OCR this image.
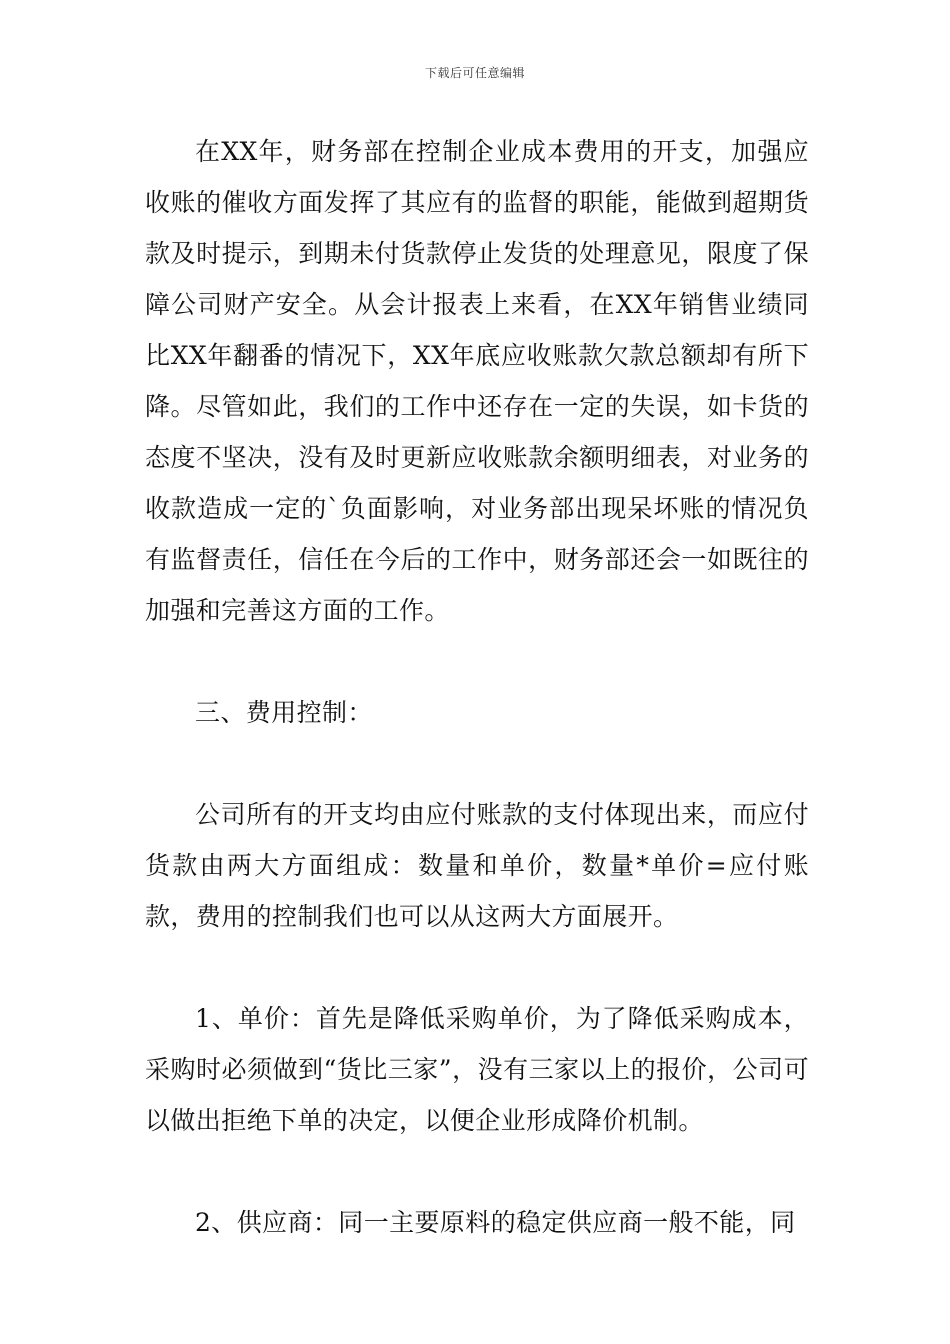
下载后可任意编辑

在XX年，财务部在控制企业成本费用的开支，加强应收账的催收方面发挥了其应有的监督的职能，能做到超期货款及时提示，到期未付货款停止发货的处理意见，限度了保障公司财产安全。从会计报表上来看，在XX年销售业绩同比XX年翻番的情况下，XX年底应收账款欠款总额却有所下降。尽管如此，我们的工作中还存在一定的失误，如卡货的态度不坚决，没有及时更新应收账款余额明细表，对业务的收款造成一定的`负面影响，对业务部出现呆坏账的情况负有监督责任，信任在今后的工作中，财务部还会一如既往的加强和完善这方面的工作。

三、费用控制：

公司所有的开支均由应付账款的支付体现出来，而应付货款由两大方面组成：数量和单价，数量*单价=应付账款，费用的控制我们也可以从这两大方面展开。

1、单价：首先是降低采购单价，为了降低采购成本，采购时必须做到“货比三家”，没有三家以上的报价，公司可以做出拒绝下单的决定，以便企业形成降价机制。

2、供应商：同一主要原料的稳定供应商一般不能，同
